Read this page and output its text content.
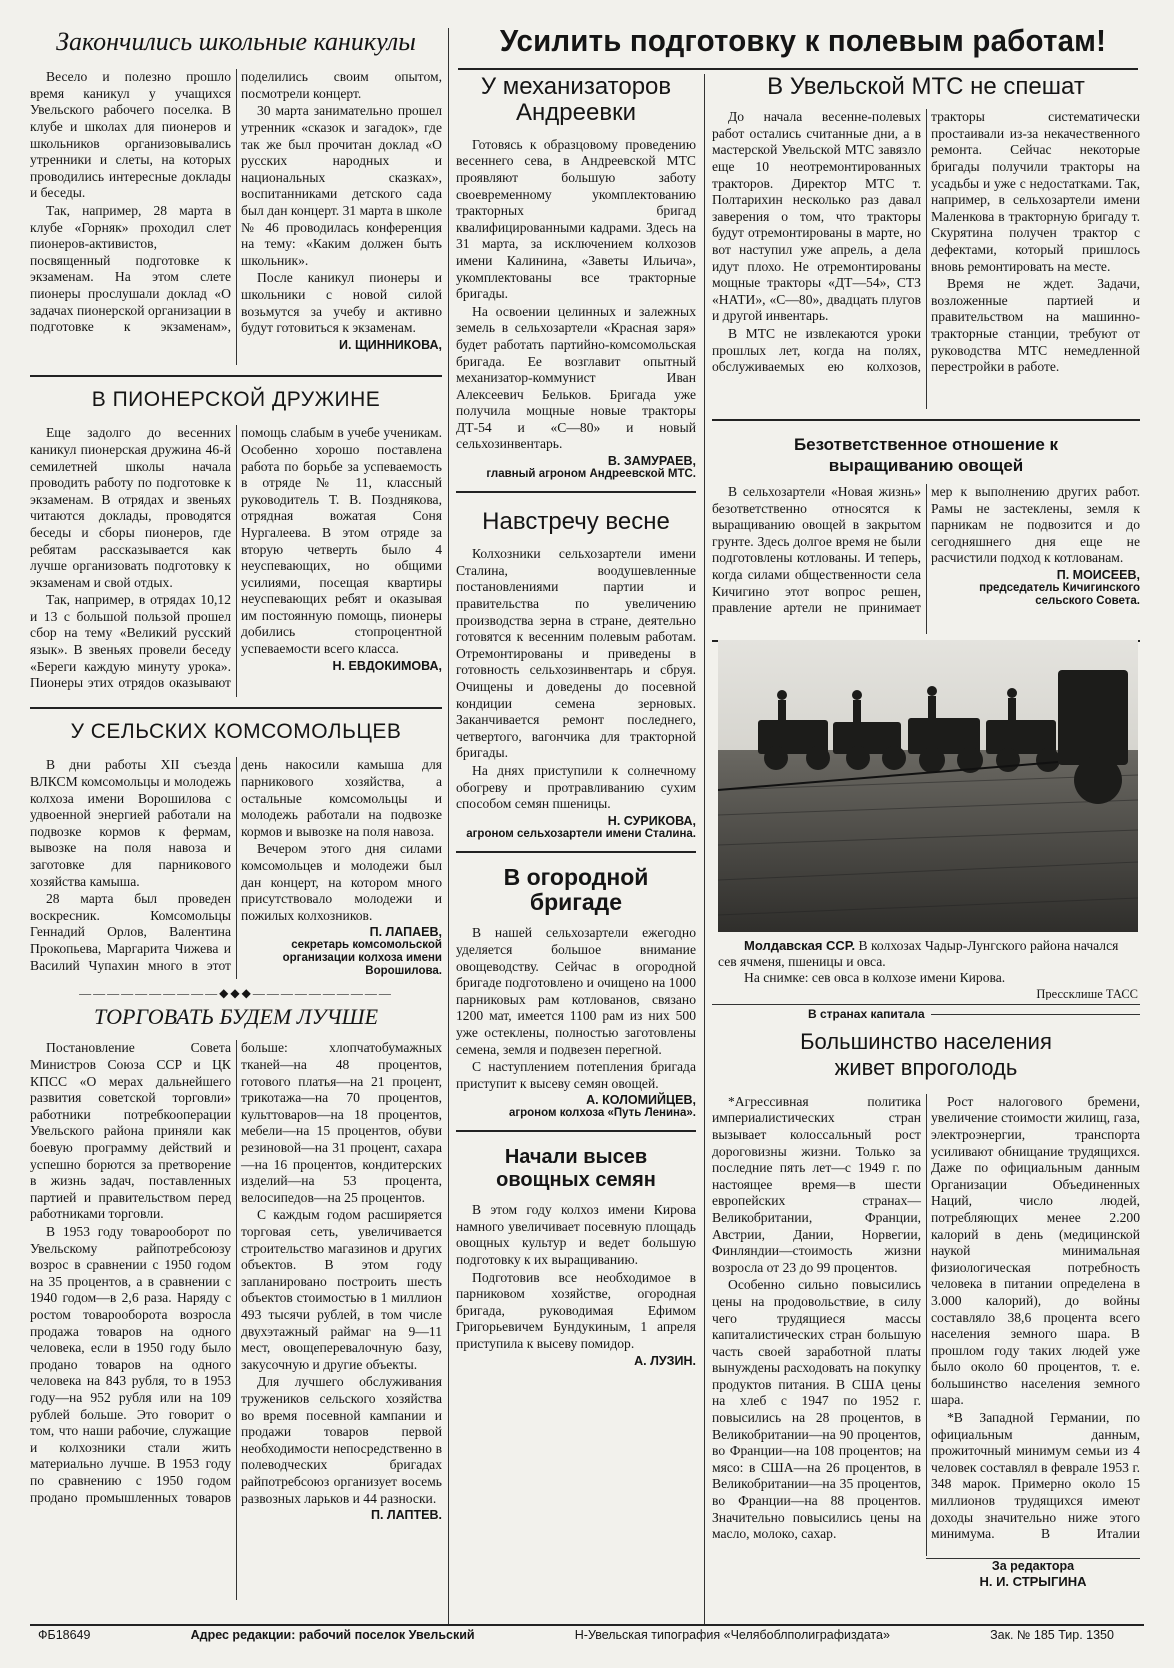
Закончились школьные каникулы

Весело и полезно прошло время каникул у учащихся Увельского рабочего поселка. В клубе и школах для пионеров и школьников организовывались утренники и слеты, на которых проводились интересные доклады и беседы.

Так, например, 28 марта в клубе «Горняк» проходил слет пионеров-активистов, посвященный подготовке к экзаменам. На этом слете пионеры прослушали доклад «О задачах пионерской организации в подготовке к экзаменам», поделились своим опытом, посмотрели концерт.

30 марта занимательно прошел утренник «сказок и загадок», где так же был прочитан доклад «О русских народных и национальных сказках», воспитанниками детского сада был дан концерт. 31 марта в школе № 46 проводилась конференция на тему: «Каким должен быть школьник».

После каникул пионеры и школьники с новой силой возьмутся за учебу и активно будут готовиться к экзаменам.

И. ЩИННИКОВА,
В ПИОНЕРСКОЙ ДРУЖИНЕ

Еще задолго до весенних каникул пионерская дружина 46-й семилетней школы начала проводить работу по подготовке к экзаменам. В отрядах и звеньях читаются доклады, проводятся беседы и сборы пионеров, где ребятам рассказывается как лучше организовать подготовку к экзаменам и свой отдых.

Так, например, в отрядах 10,12 и 13 с большой пользой прошел сбор на тему «Великий русский язык». В звеньях провели беседу «Береги каждую минуту урока». Пионеры этих отрядов оказывают помощь слабым в учебе ученикам. Особенно хорошо поставлена работа по борьбе за успеваемость в отряде № 11, классный руководитель Т. В. Позднякова, отрядная вожатая Соня Нургалеева. В этом отряде за вторую четверть было 4 неуспевающих, но общими усилиями, посещая квартиры неуспевающих ребят и оказывая им постоянную помощь, пионеры добились стопроцентной успеваемости всего класса.

Н. ЕВДОКИМОВА,
У СЕЛЬСКИХ КОМСОМОЛЬЦЕВ

В дни работы XII съезда ВЛКСМ комсомольцы и молодежь колхоза имени Ворошилова с удвоенной энергией работали на подвозке кормов к фермам, вывозке на поля навоза и заготовке для парникового хозяйства камыша.

28 марта был проведен воскресник. Комсомольцы Геннадий Орлов, Валентина Прокопьева, Маргарита Чижева и Василий Чупахин много в этот день накосили камыша для парникового хозяйства, а остальные комсомольцы и молодежь работали на подвозке кормов и вывозке на поля навоза.

Вечером этого дня силами комсомольцев и молодежи был дан концерт, на котором много присутствовало молодежи и пожилых колхозников.

П. ЛАПАЕВ,
секретарь комсомольской организации колхоза имени Ворошилова.
——————————◆◆◆——————————
ТОРГОВАТЬ БУДЕМ ЛУЧШЕ

Постановление Совета Министров Союза ССР и ЦК КПСС «О мерах дальнейшего развития советской торговли» работники потребкооперации Увельского района приняли как боевую программу действий и успешно борются за претворение в жизнь задач, поставленных партией и правительством перед работниками торговли.

В 1953 году товарооборот по Увельскому райпотребсоюзу возрос в сравнении с 1950 годом на 35 процентов, а в сравнении с 1940 годом—в 2,6 раза. Наряду с ростом товарооборота возросла продажа товаров на одного человека, если в 1950 году было продано товаров на одного человека на 843 рубля, то в 1953 году—на 952 рубля или на 109 рублей больше. Это говорит о том, что наши рабочие, служащие и колхозники стали жить материально лучше. В 1953 году по сравнению с 1950 годом продано промышленных товаров больше: хлопчатобумажных тканей—на 48 процентов, готового платья—на 21 процент, трикотажа—на 70 процентов, культтоваров—на 18 процентов, мебели—на 15 процентов, обуви резиновой—на 31 процент, сахара—на 16 процентов, кондитерских изделий—на 53 процента, велосипедов—на 25 процентов.

С каждым годом расширяется торговая сеть, увеличивается строительство магазинов и других объектов. В этом году запланировано построить шесть объектов стоимостью в 1 миллион 493 тысячи рублей, в том числе двухэтажный раймаг на 9—11 мест, овощеперевалочную базу, закусочную и другие объекты.

Для лучшего обслуживания тружеников сельского хозяйства во время посевной кампании и продажи товаров первой необходимости непосредственно в полеводческих бригадах райпотребсоюз организует восемь развозных ларьков и 44 разноски.

П. ЛАПТЕВ.
Усилить подготовку к полевым работам!
У механизаторов Андреевки

Готовясь к образцовому проведению весеннего сева, в Андреевской МТС проявляют большую заботу своевременному укомплектованию тракторных бригад квалифицированными кадрами. Здесь на 31 марта, за исключением колхозов имени Калинина, «Заветы Ильича», укомплектованы все тракторные бригады.

На освоении целинных и залежных земель в сельхозартели «Красная заря» будет работать партийно-комсомольская бригада. Ее возглавит опытный механизатор-коммунист Иван Алексеевич Бельков. Бригада уже получила мощные новые тракторы ДТ-54 и «С—80» и новый сельхозинвентарь.

В. ЗАМУРАЕВ,
главный агроном Андреевской МТС.
Навстречу весне

Колхозники сельхозартели имени Сталина, воодушевленные постановлениями партии и правительства по увеличению производства зерна в стране, деятельно готовятся к весенним полевым работам. Отремонтированы и приведены в готовность сельхозинвентарь и сбруя. Очищены и доведены до посевной кондиции семена зерновых. Заканчивается ремонт последнего, четвертого, вагончика для тракторной бригады.

На днях приступили к солнечному обогреву и протравливанию сухим способом семян пшеницы.

Н. СУРИКОВА,
агроном сельхозартели имени Сталина.
В огородной бригаде

В нашей сельхозартели ежегодно уделяется большое внимание овощеводству. Сейчас в огородной бригаде подготовлено и очищено на 1000 парниковых рам котлованов, связано 1200 мат, имеется 1100 рам из них 500 уже остеклены, полностью заготовлены семена, земля и подвезен перегной.

С наступлением потепления бригада приступит к высеву семян овощей.

А. КОЛОМИЙЦЕВ,
агроном колхоза «Путь Ленина».
Начали высев овощных семян

В этом году колхоз имени Кирова намного увеличивает посевную площадь овощных культур и ведет большую подготовку к их выращиванию.

Подготовив все необходимое в парниковом хозяйстве, огородная бригада, руководимая Ефимом Григорьевичем Бундукиным, 1 апреля приступила к высеву помидор.

А. ЛУЗИН.
В Увельской МТС не спешат

До начала весенне-полевых работ остались считанные дни, а в мастерской Увельской МТС завязло еще 10 неотремонтированных тракторов. Директор МТС т. Полтарихин несколько раз давал заверения о том, что тракторы будут отремонтированы в марте, но вот наступил уже апрель, а дела идут плохо. Не отремонтированы мощные тракторы «ДТ—54», СТЗ «НАТИ», «С—80», двадцать плугов и другой инвентарь.

В МТС не извлекаются уроки прошлых лет, когда на полях, обслуживаемых ею колхозов, тракторы систематически простаивали из-за некачественного ремонта. Сейчас некоторые бригады получили тракторы на усадьбы и уже с недостатками. Так, например, в сельхозартели имени Маленкова в тракторную бригаду т. Скурятина получен трактор с дефектами, который пришлось вновь ремонтировать на месте.

Время не ждет. Задачи, возложенные партией и правительством на машинно-тракторные станции, требуют от руководства МТС немедленной перестройки в работе.

Безответственное отношение к выращиванию овощей

В сельхозартели «Новая жизнь» безответственно относятся к выращиванию овощей в закрытом грунте. Здесь долгое время не были подготовлены котлованы. И теперь, когда силами общественности села Кичигино этот вопрос решен, правление артели не принимает мер к выполнению других работ. Рамы не застеклены, земля к парникам не подвозится и до сегодняшнего дня еще не расчистили подход к котлованам.

П. МОИСЕЕВ,
председатель Кичигинского сельского Совета.
Молдавская ССР. В колхозах Чадыр-Лунгского района начался сев ячменя, пшеницы и овса.
На снимке: сев овса в колхозе имени Кирова.
Пресcклише ТАСС
В странах капитала
Большинство населения живет впроголодь

*Агрессивная политика империалистических стран вызывает колоссальный рост дороговизны жизни. Только за последние пять лет—с 1949 г. по настоящее время—в шести европейских странах—Великобритании, Франции, Австрии, Дании, Норвегии, Финляндии—стоимость жизни возросла от 23 до 99 процентов.

Особенно сильно повысились цены на продовольствие, в силу чего трудящиеся массы капиталистических стран большую часть своей заработной платы вынуждены расходовать на покупку продуктов питания. В США цены на хлеб с 1947 по 1952 г. повысились на 28 процентов, в Великобритании—на 90 процентов, во Франции—на 108 процентов; на мясо: в США—на 26 процентов, в Великобритании—на 35 процентов, во Франции—на 88 процентов. Значительно повысились цены на масло, молоко, сахар.

Рост налогового бремени, увеличение стоимости жилищ, газа, электроэнергии, транспорта усиливают обнищание трудящихся. Даже по официальным данным Организации Объединенных Наций, число людей, потребляющих менее 2.200 калорий в день (медицинской наукой минимальная физиологическая потребность человека в питании определена в 3.000 калорий), до войны составляло 38,6 процента всего населения земного шара. В прошлом году таких людей уже было около 60 процентов, т. е. большинство населения земного шара.

*В Западной Германии, по официальным данным, прожиточный минимум семьи из 4 человек составлял в феврале 1953 г. 348 марок. Примерно около 15 миллионов трудящихся имеют доходы значительно ниже этого минимума. В Италии

За редактора
Н. И. СТРЫГИНА
ФБ18649	Адрес редакции: рабочий поселок Увельский	Н-Увельская типография «Челябоблполиграфиздата»	Зак. № 185 Тир. 1350
